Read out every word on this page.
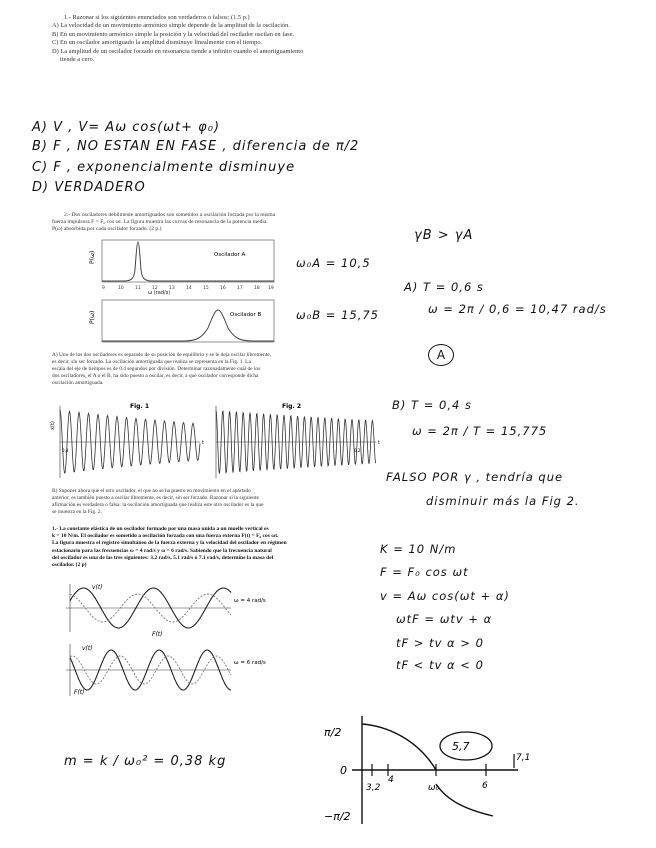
1.- Razonar si los siguientes enunciados son verdaderos o falsos: (1.5 p.)
A) La velocidad de un movimiento armónico simple depende de la amplitud de la oscilación.
B) En un movimiento armónico simple la posición y la velocidad del oscilador oscilan en fase.
C) En un oscilador amortiguado la amplitud disminuye linealmente con el tiempo.
D) La amplitud de un oscilador forzado en resonancia tiende a infinito cuando el amortiguamiento
tiende a cero.
A) V , V= Aω cos(ωt+ φ₀)
B) F , NO ESTAN EN FASE , diferencia de π/2
C) F , exponencialmente disminuye
D) VERDADERO
2.- Dos osciladores débilmente amortiguados son sometidos a oscilación forzada por la misma
fuerza impulsora F = F₀ cos ωt. La figura muestra las curvas de resonancia de la potencia media
P(ω) absorbida por cada oscilador forzado. (2 p.)
P(ω)	Oscilador A
9	10	11	12	13	14	15	16	17	18 19
ω (rad/s)
P(ω)	Oscilador B
ω₀A = 10,5
ω₀B = 15,75
A) Uno de los dos osciladores es separado de su posición de equilibrio y se le deja oscilar libremente,
es decir, sin ser forzado. La oscilación amortiguada que realiza se representa en la Fig. 1. La
escala del eje de tiempos es de 0.4 segundos por división. Determinar razonadamente cuál de los
dos osciladores, el A o el B, ha sido puesto a oscilar, es decir, a qué oscilador corresponde dicha
oscilación amortiguada.
Fig. 1
x(t)
t
0,4
Fig. 2
0,2
t
B) Suponer ahora que el otro oscilador, el que no se ha puesto en movimiento en el apartado
anterior, es también puesto a oscilar libremente, es decir, sin ser forzado. Razonar si la siguiente
afirmación es verdadera o falsa: la oscilación amortiguada que realiza este otro oscilador es la que
se muestra en la Fig. 2.
γB > γA
A) T = 0,6 s
ω = 2π / 0,6 = 10,47 rad/s
A
B) T = 0,4 s
ω = 2π / T = 15,775
FALSO POR γ , tendría que
disminuir más la Fig 2.
1.- La constante elástica de un oscilador formado por una masa unida a un muelle vertical es
k = 10 N/m. El oscilador es sometido a oscilación forzada con una fuerza externa F(t) = F₀ cos ωt.
La figura muestra el registro simultáneo de la fuerza externa y la velocidad del oscilador en régimen
estacionario para las frecuencias ω = 4 rad/s y ω = 6 rad/s. Sabiendo que la frecuencia natural
del oscilador es una de las tres siguientes: 3.2 rad/s, 5.1 rad/s ó 7.1 rad/s, determine la masa del
oscilador. (2 p)
v(t)
F(t)
ω = 4 rad/s
v(t)
F(t)
ω = 6 rad/s
K = 10 N/m
F = F₀ cos ωt
v = Aω cos(ωt + α)
ωtF = ωtv + α
tF > tv α > 0
tF < tv α < 0
m = k / ω₀² = 0,38 kg
π/2
0
−π/2
3,2
4
ω₀	6
7,1
5,7
